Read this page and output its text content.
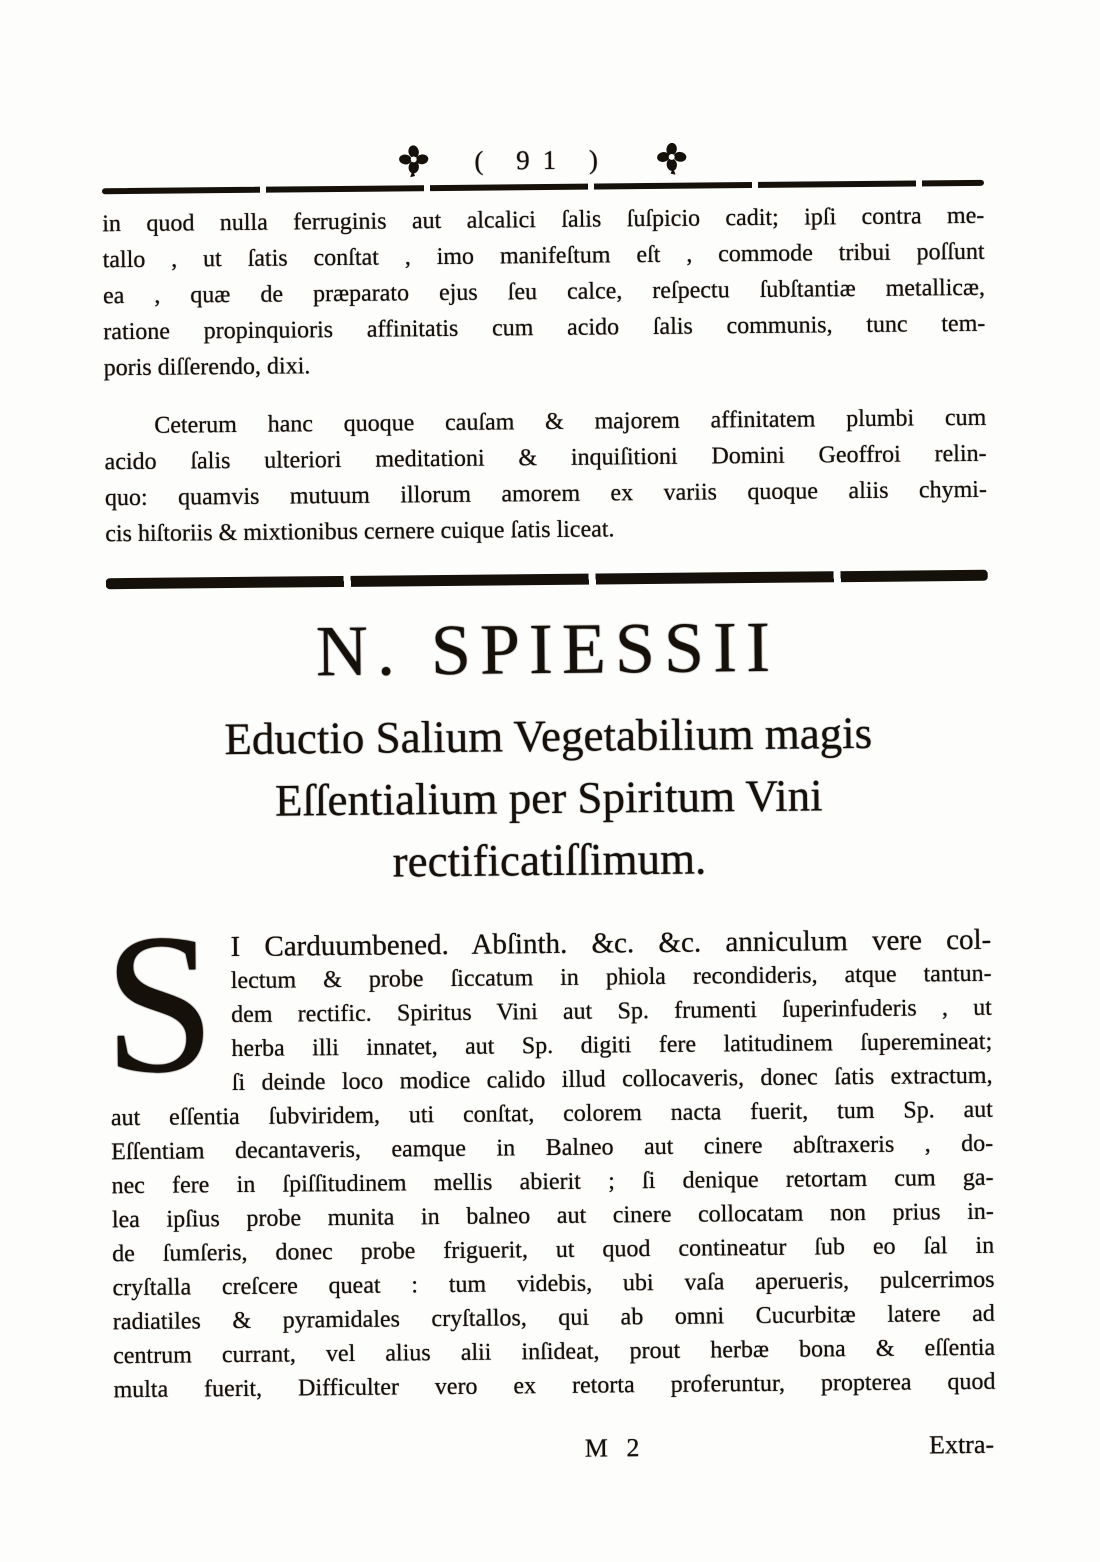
( 91 )
in quod nulla ferruginis aut alcalici ſalis ſuſpicio cadit; ipſi contra me-
tallo , ut ſatis conſtat , imo manifeſtum eſt , commode tribui poſſunt
ea , quæ de præparato ejus ſeu calce, reſpectu ſubſtantiæ metallicæ,
ratione propinquioris affinitatis cum acido ſalis communis, tunc tem-
poris diſſerendo, dixi.
Ceterum hanc quoque cauſam & majorem affinitatem plumbi cum
acido ſalis ulteriori meditationi & inquiſitioni Domini Geoffroi relin-
quo: quamvis mutuum illorum amorem ex variis quoque aliis chymi-
cis hiſtoriis & mixtionibus cernere cuique ſatis liceat.
N. SPIESSII
Eductio Salium Vegetabilium magis
Eſſentialium per Spiritum Vini
rectificatiſſimum.
S I Carduumbened. Abſinth. &c. &c. anniculum vere col-
lectum & probe ſiccatum in phiola recondideris, atque tantun-
dem rectific. Spiritus Vini aut Sp. frumenti ſuperinfuderis , ut
herba illi innatet, aut Sp. digiti fere latitudinem ſuperemineat;
ſi deinde loco modice calido illud collocaveris, donec ſatis extractum,
aut eſſentia ſubviridem, uti conſtat, colorem nacta fuerit, tum Sp. aut
Eſſentiam decantaveris, eamque in Balneo aut cinere abſtraxeris , do-
nec fere in ſpiſſitudinem mellis abierit ; ſi denique retortam cum ga-
lea ipſius probe munita in balneo aut cinere collocatam non prius in-
de ſumſeris, donec probe friguerit, ut quod contineatur ſub eo ſal in
cryſtalla creſcere queat : tum videbis, ubi vaſa aperueris, pulcerrimos
radiatiles & pyramidales cryſtallos, qui ab omni Cucurbitæ latere ad
centrum currant, vel alius alii inſideat, prout herbæ bona & eſſentia
multa fuerit, Difficulter vero ex retorta proferuntur, propterea quod
M 2	Extra-
